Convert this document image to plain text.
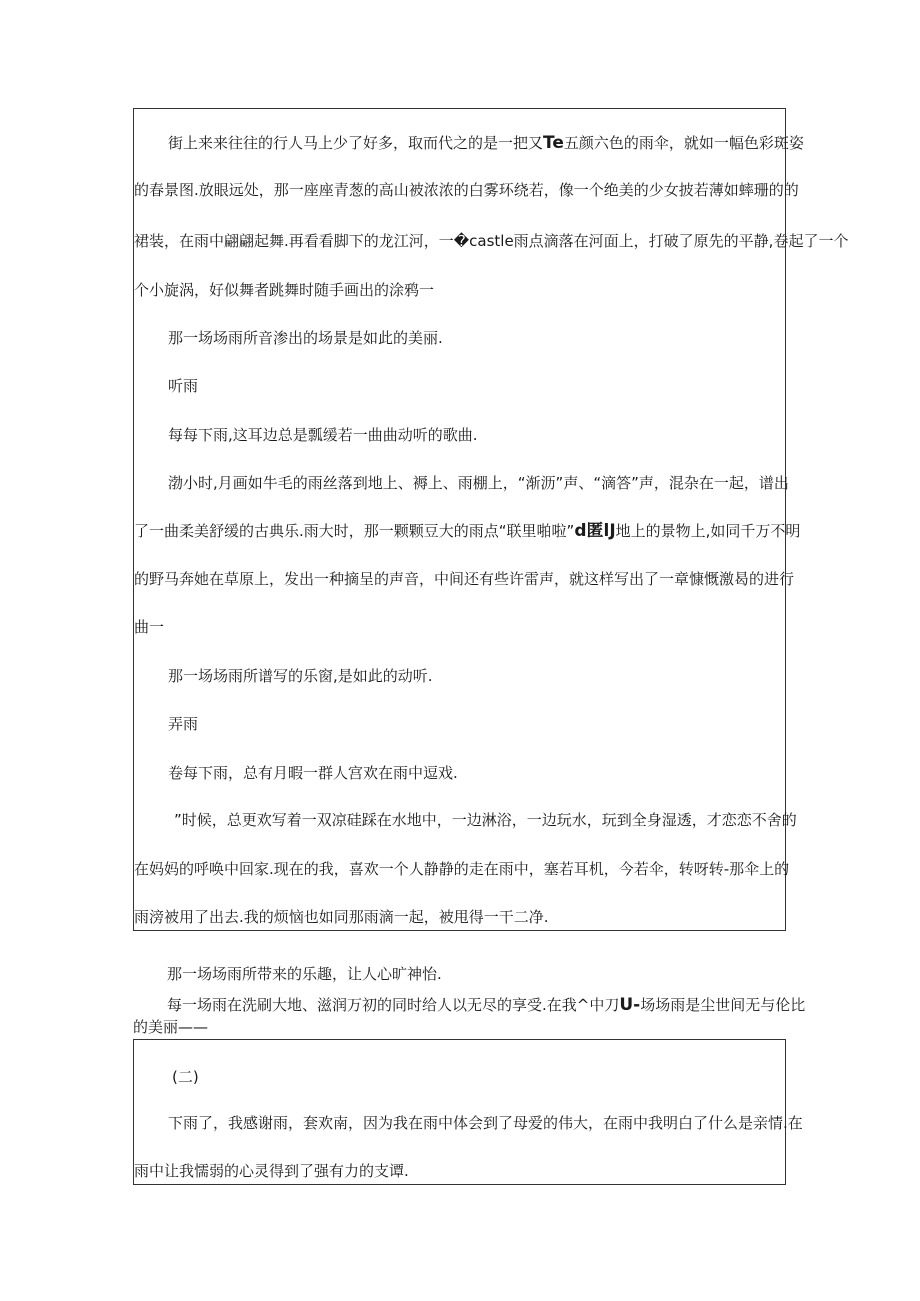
街上来来往往的行人马上少了好多，取而代之的是一把又Te五颜六色的雨伞，就如一幅色彩斑姿
的春景图.放眼远处，那一座座青葱的高山被浓浓的白雾环绕若，像一个绝美的少女披若薄如蟀珊的的
裙装，在雨中翩翩起舞.再看看脚下的龙江河，一�castle雨点滴落在河面上，打破了原先的平静,卷起了一个
个小旋涡，好似舞者跳舞时随手画出的涂鸦一
那一场场雨所音渗出的场景是如此的美丽.
听雨
每每下雨,这耳边总是瓢缓若一曲曲动听的歌曲.
渤小时,月画如牛毛的雨丝落到地上、褥上、雨棚上，“渐沥”声、“滴答”声，混杂在一起，谱出
了一曲柔美舒缓的古典乐.雨大时，那一颗颗豆大的雨点“联里啪啦”d匿lJ地上的景物上,如同千万不明
的野马奔她在草原上，发出一种摘呈的声音，中间还有些许雷声，就这样写出了一章慷慨激曷的进行
曲一
那一场场雨所谱写的乐窗,是如此的动听.
弄雨
卷每下雨，总有月暇一群人宫欢在雨中逗戏.
”时候，总更欢写着一双凉硅踩在水地中，一边淋浴，一边玩水，玩到全身湿透，才恋恋不舍的
在妈妈的呼唤中回家.现在的我，喜欢一个人静静的走在雨中，塞若耳机，今若伞，转呀转-那伞上的
雨滂被用了出去.我的烦恼也如同那雨滴一起，被甩得一干二净.
那一场场雨所带来的乐趣，让人心旷神怡.
每一场雨在洗刷大地、滋润万初的同时给人以无尽的享受.在我^中刀U-场场雨是尘世间无与伦比
的美丽——
(二)
下雨了，我感谢雨，套欢南，因为我在雨中体会到了母爱的伟大，在雨中我明白了什么是亲情.在
雨中让我懦弱的心灵得到了强有力的支谭.
